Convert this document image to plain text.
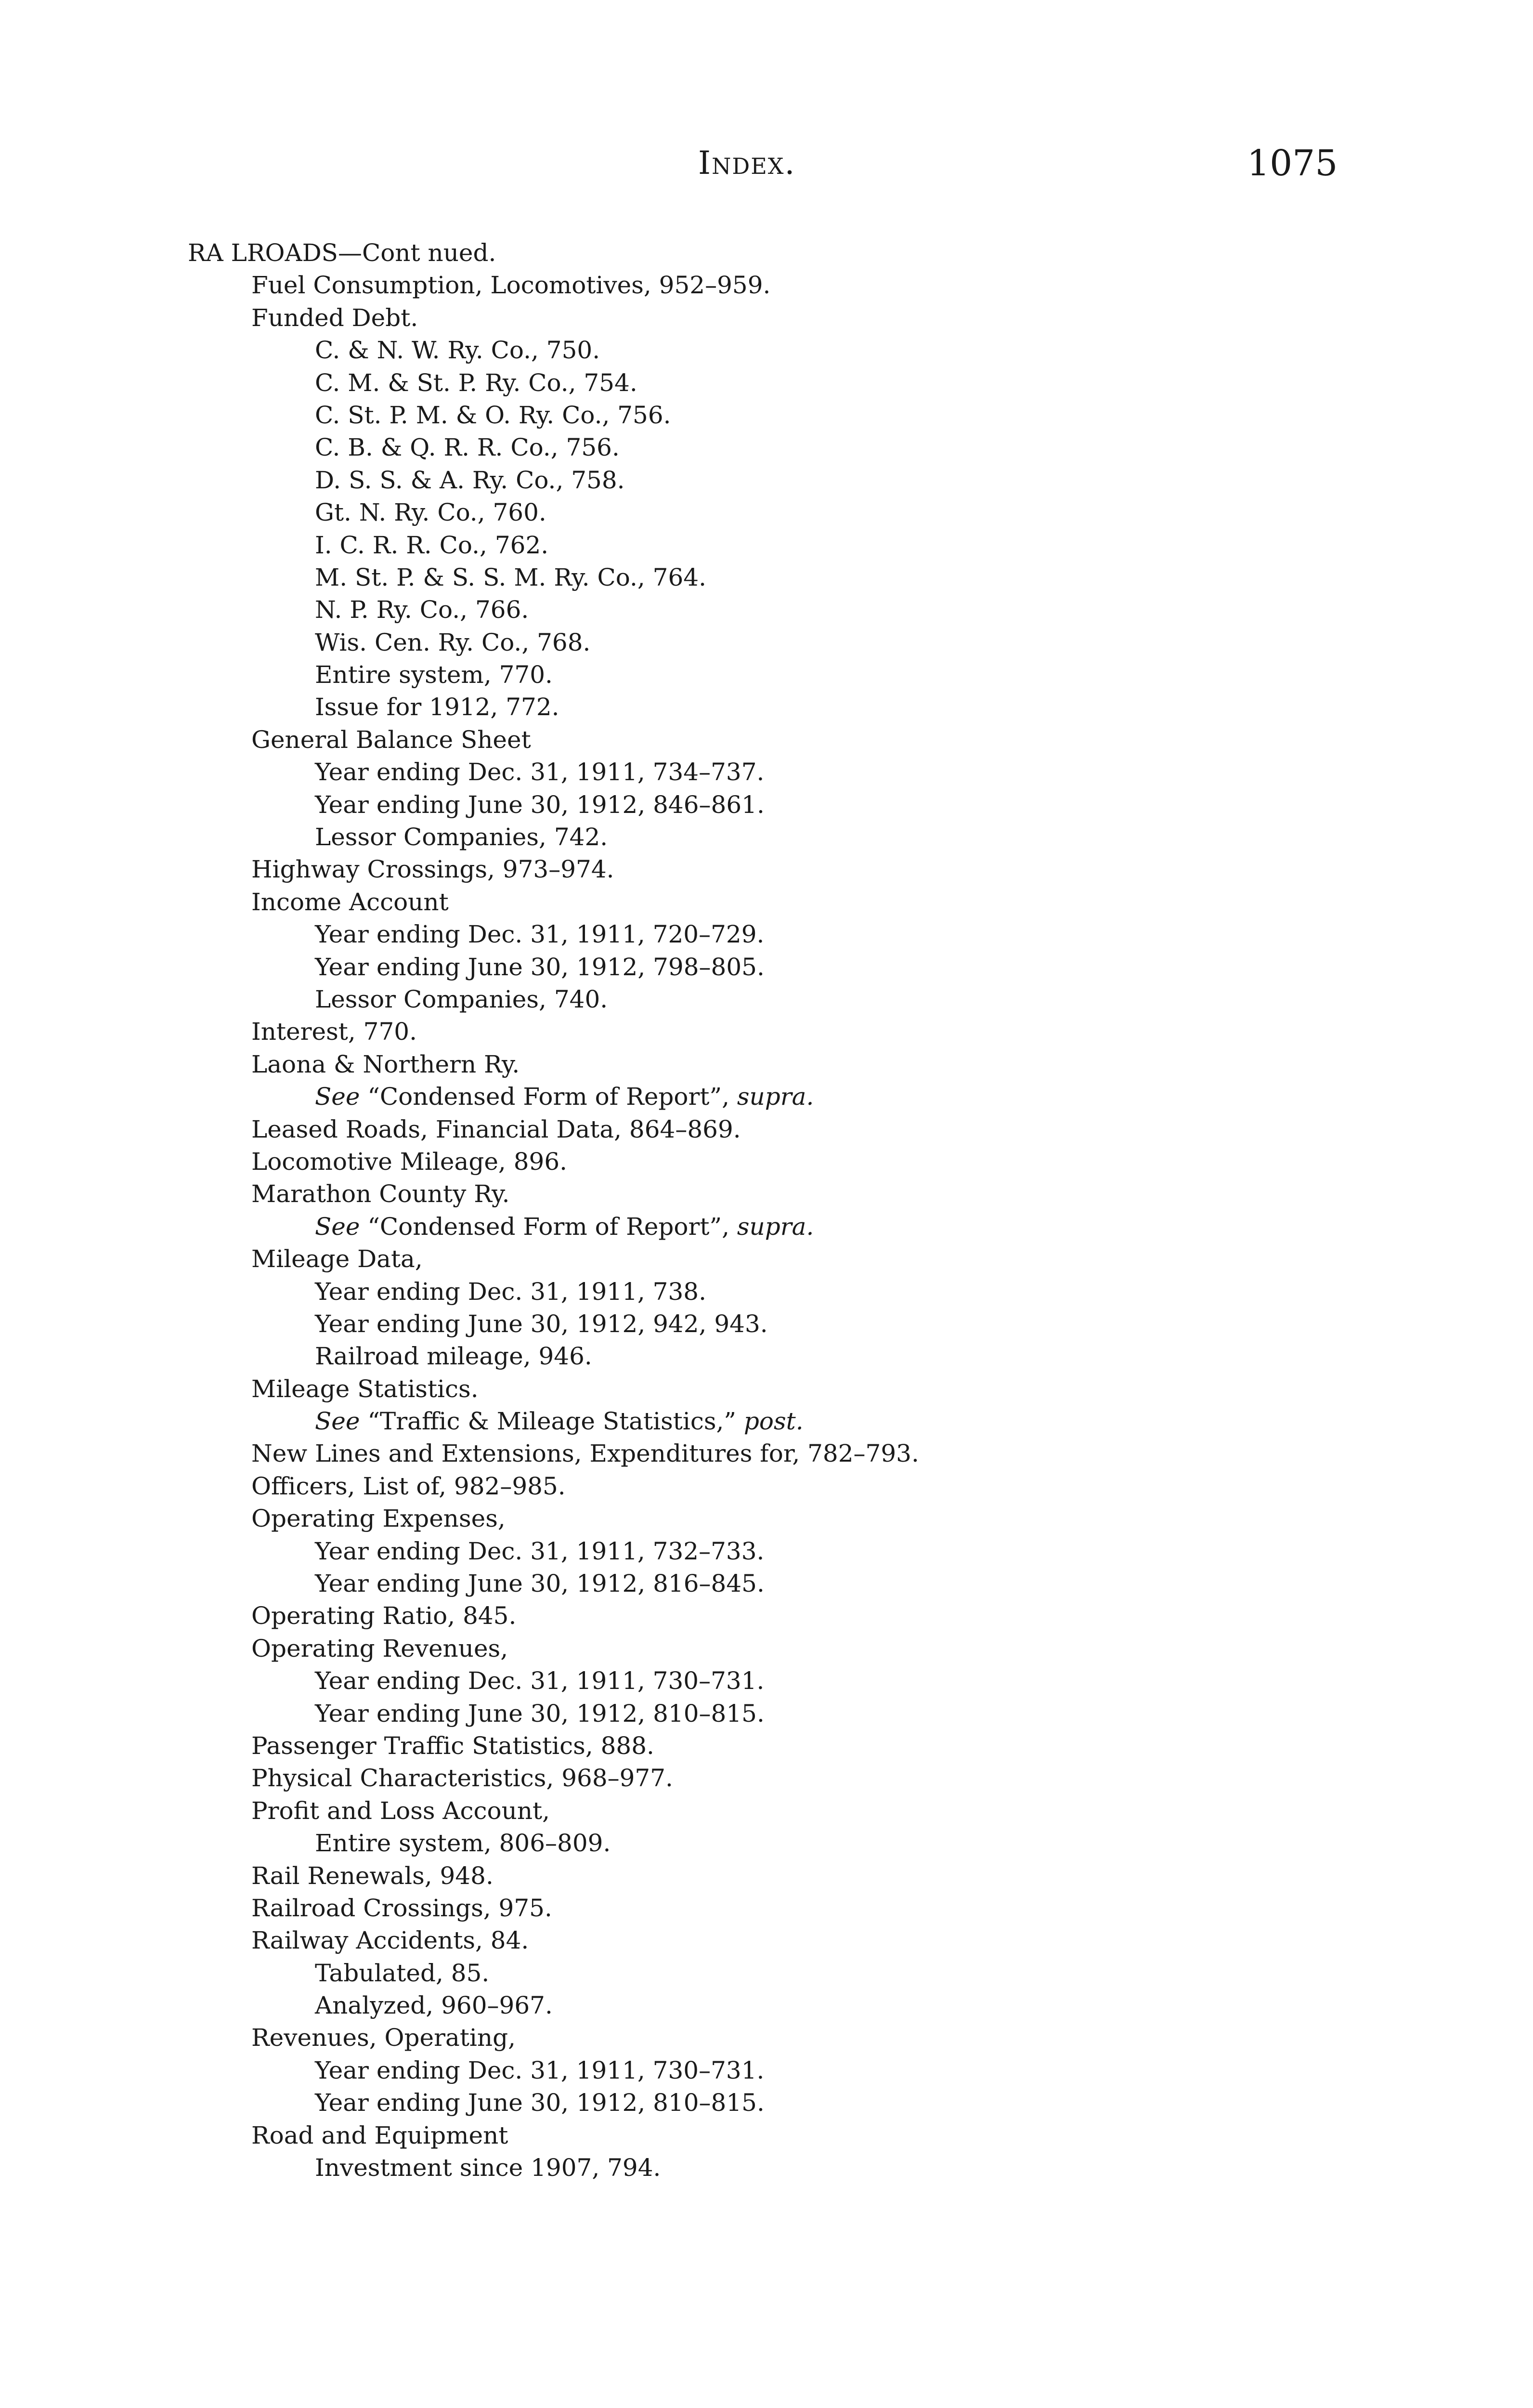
Index.	1075
RA LROADS—Cont nued.
Fuel Consumption, Locomotives, 952–959.
Funded Debt.
C. & N. W. Ry. Co., 750.
C. M. & St. P. Ry. Co., 754.
C. St. P. M. & O. Ry. Co., 756.
C. B. & Q. R. R. Co., 756.
D. S. S. & A. Ry. Co., 758.
Gt. N. Ry. Co., 760.
I. C. R. R. Co., 762.
M. St. P. & S. S. M. Ry. Co., 764.
N. P. Ry. Co., 766.
Wis. Cen. Ry. Co., 768.
Entire system, 770.
Issue for 1912, 772.
General Balance Sheet
Year ending Dec. 31, 1911, 734–737.
Year ending June 30, 1912, 846–861.
Lessor Companies, 742.
Highway Crossings, 973–974.
Income Account
Year ending Dec. 31, 1911, 720–729.
Year ending June 30, 1912, 798–805.
Lessor Companies, 740.
Interest, 770.
Laona & Northern Ry.
See “Condensed Form of Report”, supra.
Leased Roads, Financial Data, 864–869.
Locomotive Mileage, 896.
Marathon County Ry.
See “Condensed Form of Report”, supra.
Mileage Data,
Year ending Dec. 31, 1911, 738.
Year ending June 30, 1912, 942, 943.
Railroad mileage, 946.
Mileage Statistics.
See “Traffic & Mileage Statistics,” post.
New Lines and Extensions, Expenditures for, 782–793.
Officers, List of, 982–985.
Operating Expenses,
Year ending Dec. 31, 1911, 732–733.
Year ending June 30, 1912, 816–845.
Operating Ratio, 845.
Operating Revenues,
Year ending Dec. 31, 1911, 730–731.
Year ending June 30, 1912, 810–815.
Passenger Traffic Statistics, 888.
Physical Characteristics, 968–977.
Profit and Loss Account,
Entire system, 806–809.
Rail Renewals, 948.
Railroad Crossings, 975.
Railway Accidents, 84.
Tabulated, 85.
Analyzed, 960–967.
Revenues, Operating,
Year ending Dec. 31, 1911, 730–731.
Year ending June 30, 1912, 810–815.
Road and Equipment
Investment since 1907, 794.
